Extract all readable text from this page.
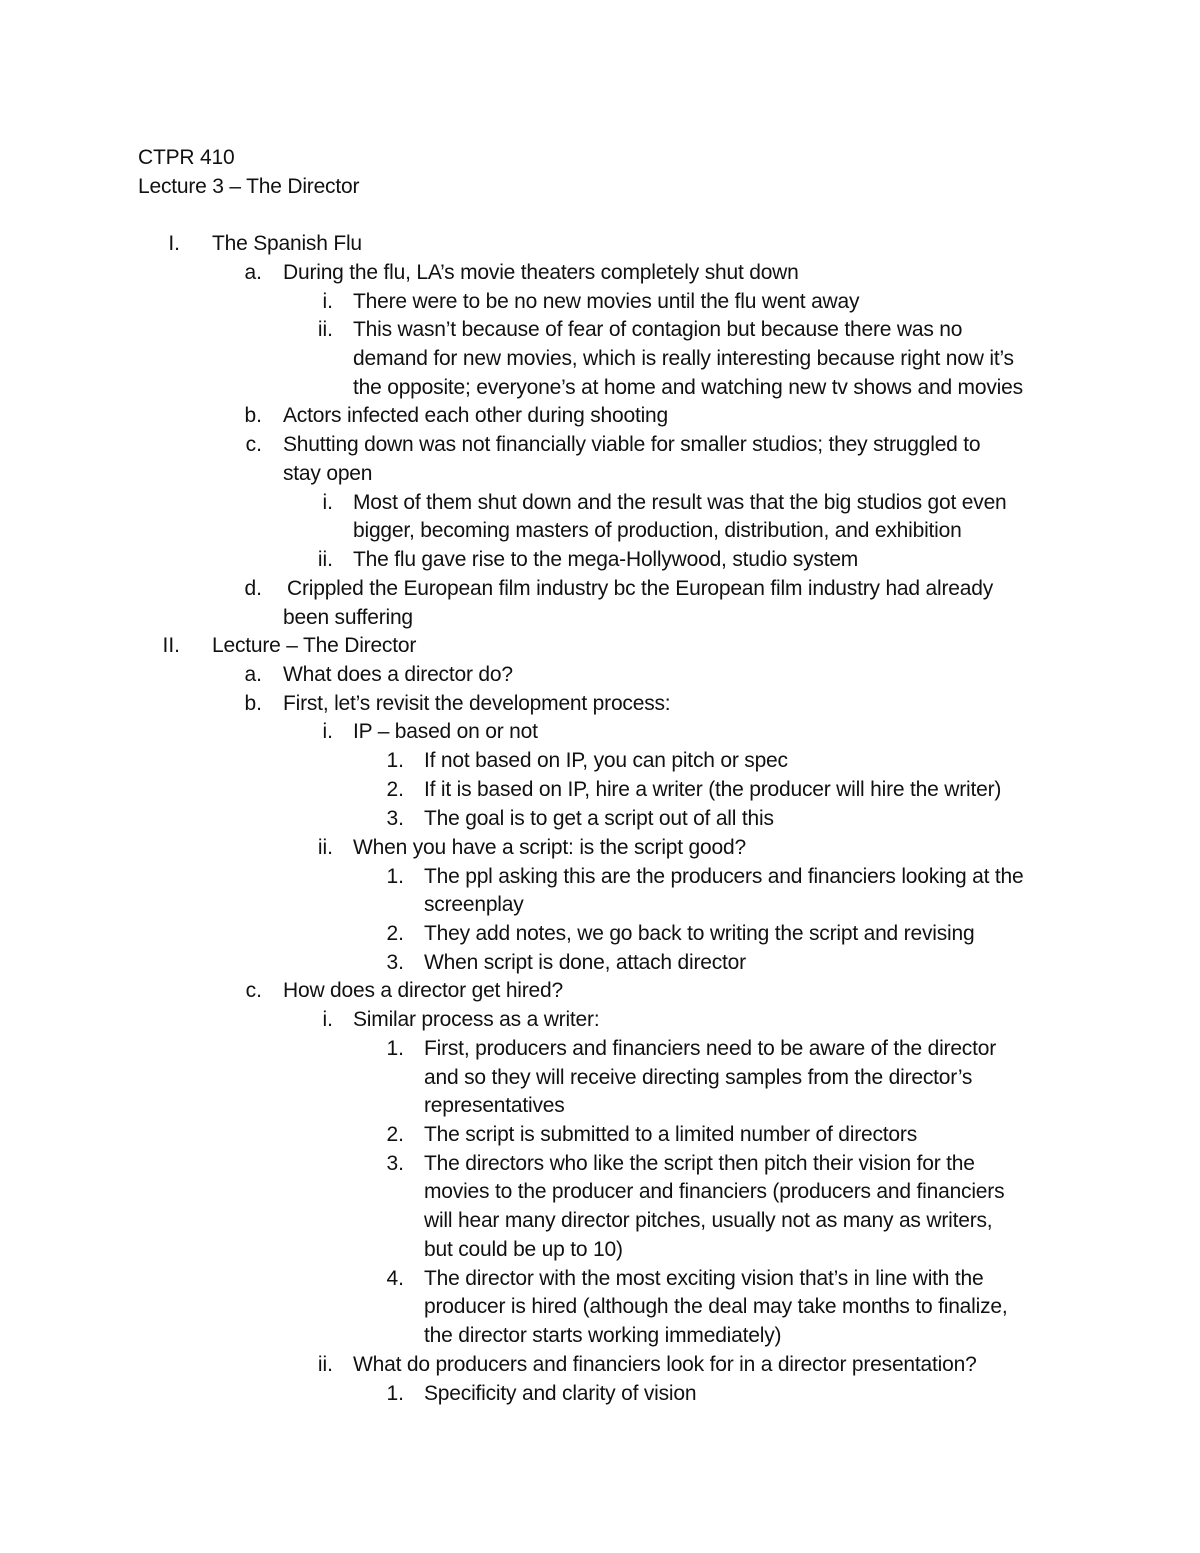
CTPR 410
Lecture 3 – The Director
I. The Spanish Flu
a. During the flu, LA’s movie theaters completely shut down
i. There were to be no new movies until the flu went away
ii. This wasn’t because of fear of contagion but because there was no
demand for new movies, which is really interesting because right now it’s
the opposite; everyone’s at home and watching new tv shows and movies
b. Actors infected each other during shooting
c. Shutting down was not financially viable for smaller studios; they struggled to
stay open
i. Most of them shut down and the result was that the big studios got even
bigger, becoming masters of production, distribution, and exhibition
ii. The flu gave rise to the mega-Hollywood, studio system
d. Crippled the European film industry bc the European film industry had already
been suffering
II. Lecture – The Director
a. What does a director do?
b. First, let’s revisit the development process:
i. IP – based on or not
1. If not based on IP, you can pitch or spec
2. If it is based on IP, hire a writer (the producer will hire the writer)
3. The goal is to get a script out of all this
ii. When you have a script: is the script good?
1. The ppl asking this are the producers and financiers looking at the
screenplay
2. They add notes, we go back to writing the script and revising
3. When script is done, attach director
c. How does a director get hired?
i. Similar process as a writer:
1. First, producers and financiers need to be aware of the director
and so they will receive directing samples from the director’s
representatives
2. The script is submitted to a limited number of directors
3. The directors who like the script then pitch their vision for the
movies to the producer and financiers (producers and financiers
will hear many director pitches, usually not as many as writers,
but could be up to 10)
4. The director with the most exciting vision that’s in line with the
producer is hired (although the deal may take months to finalize,
the director starts working immediately)
ii. What do producers and financiers look for in a director presentation?
1. Specificity and clarity of vision
